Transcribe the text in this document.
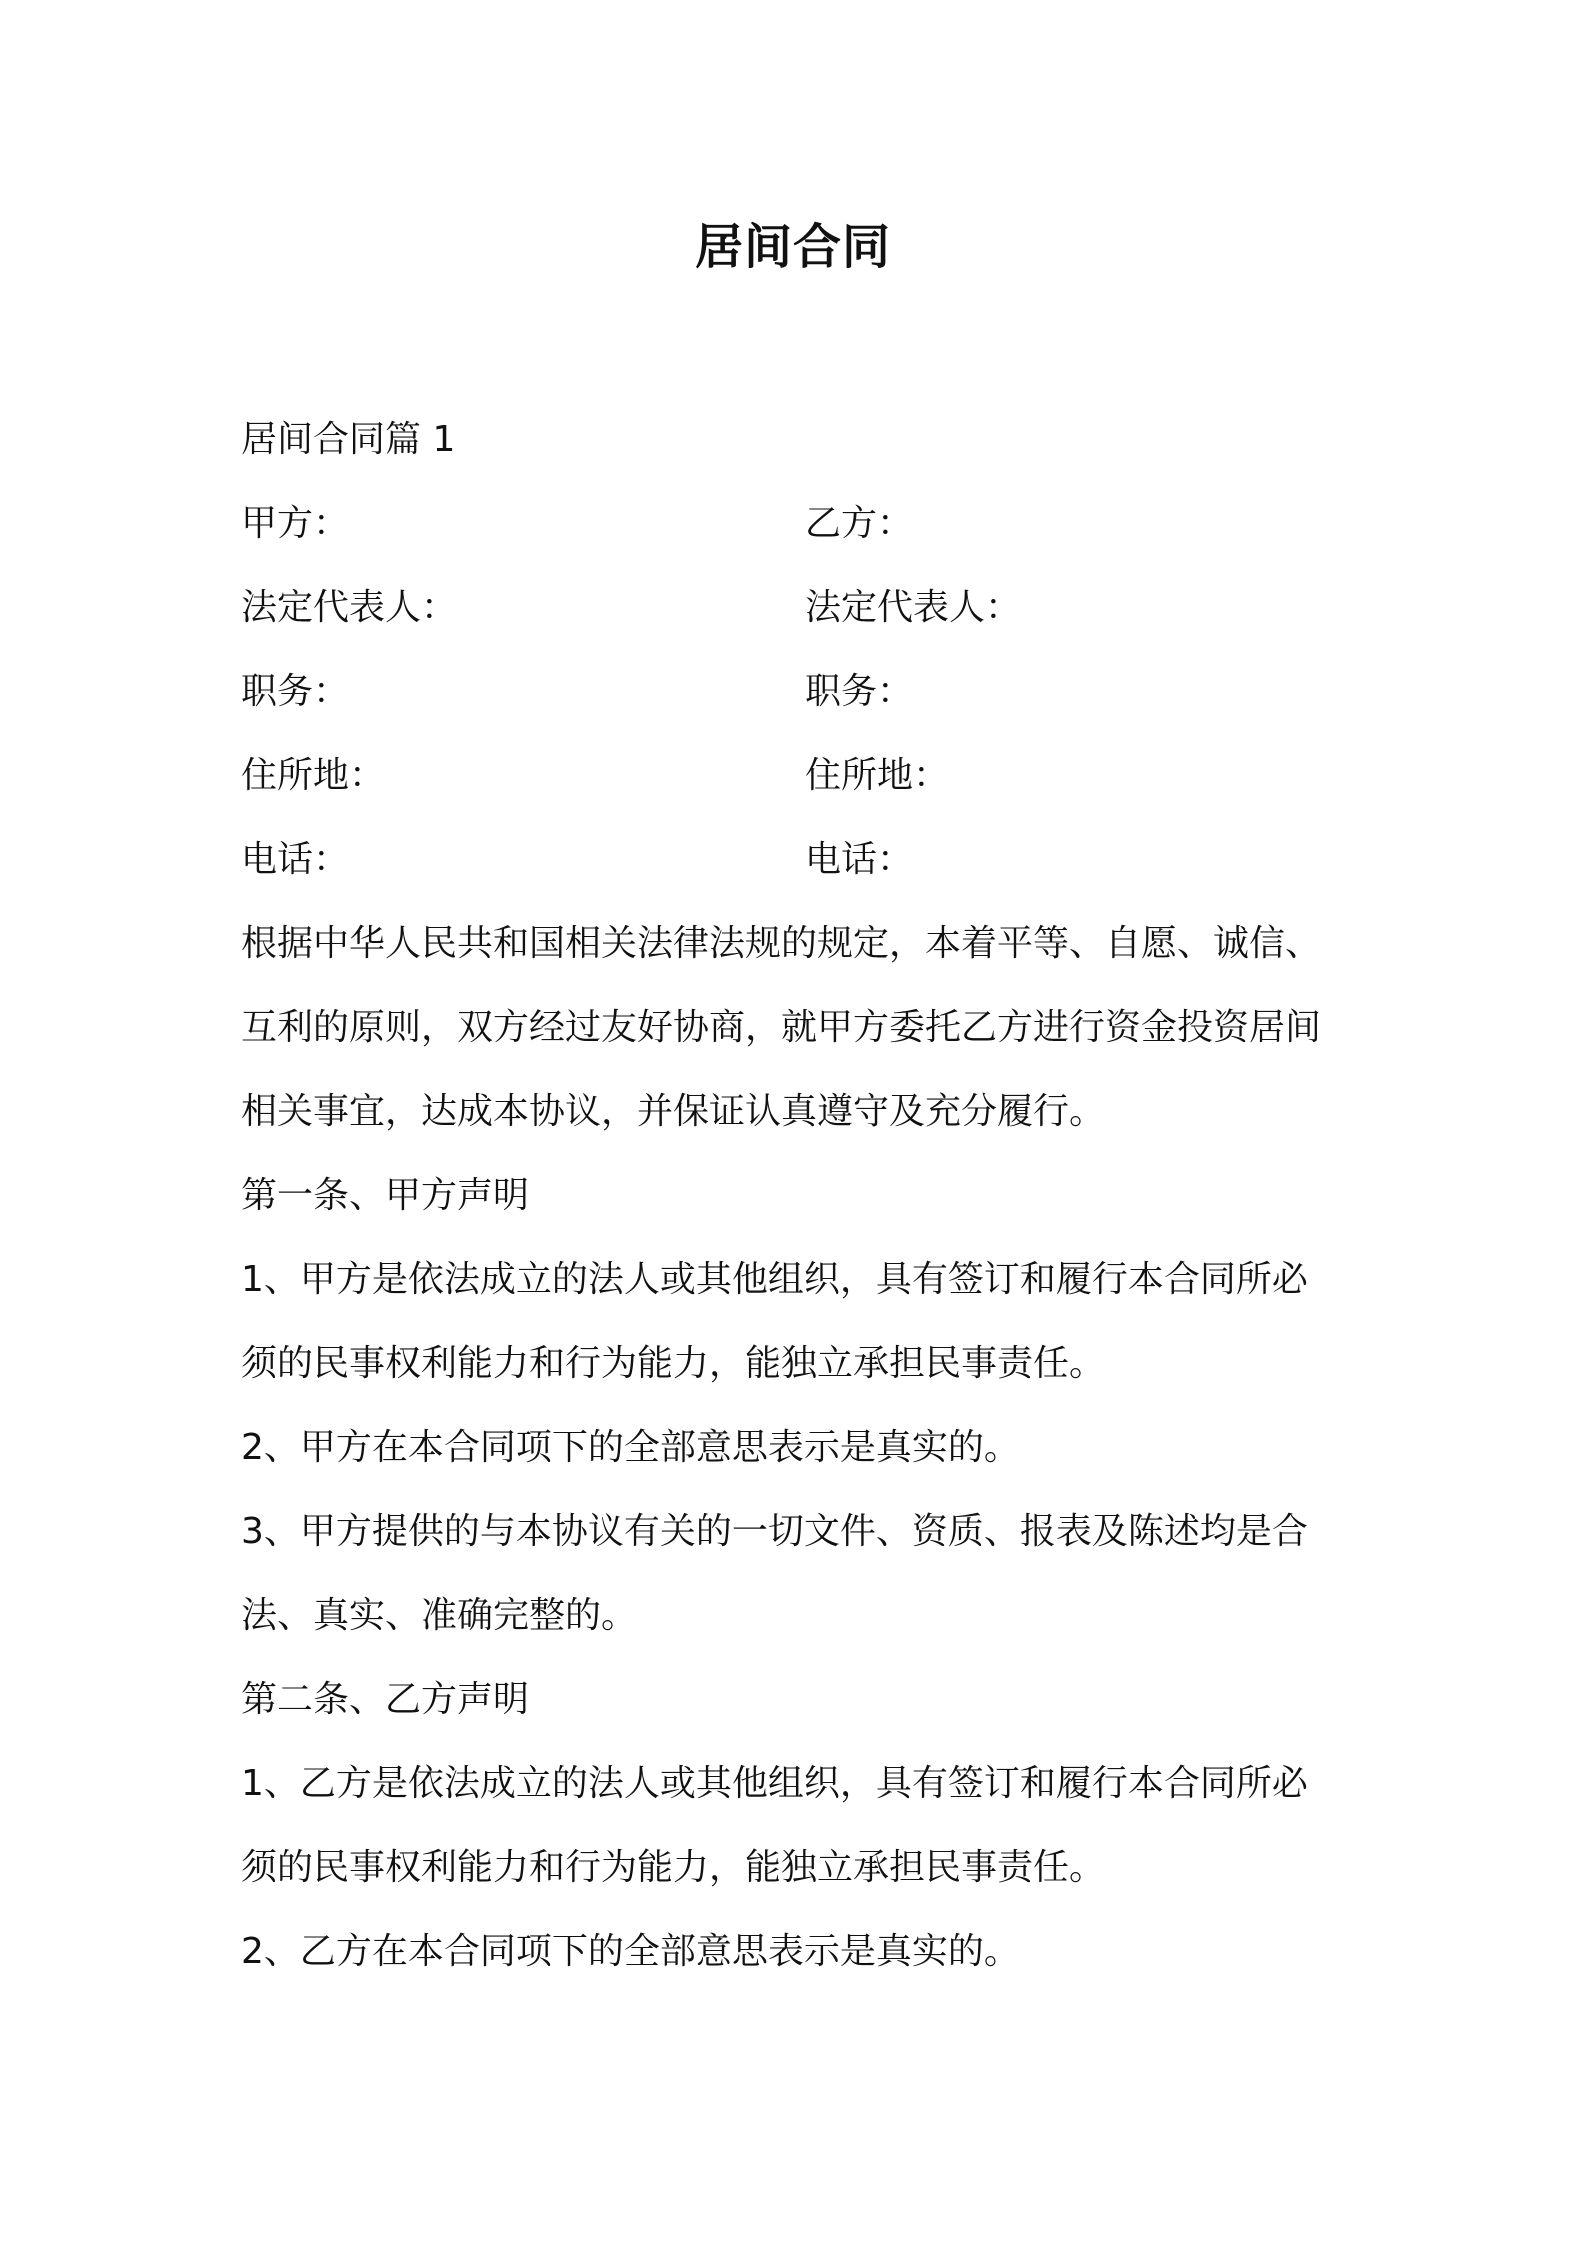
居间合同
居间合同篇 1
甲方：	乙方：
法定代表人：	法定代表人：
职务：	职务：
住所地：	住所地：
电话：	电话：
根据中华人民共和国相关法律法规的规定，本着平等、自愿、诚信、
互利的原则，双方经过友好协商，就甲方委托乙方进行资金投资居间
相关事宜，达成本协议，并保证认真遵守及充分履行。
第一条、甲方声明
1、甲方是依法成立的法人或其他组织，具有签订和履行本合同所必
须的民事权利能力和行为能力，能独立承担民事责任。
2、甲方在本合同项下的全部意思表示是真实的。
3、甲方提供的与本协议有关的一切文件、资质、报表及陈述均是合
法、真实、准确完整的。
第二条、乙方声明
1、乙方是依法成立的法人或其他组织，具有签订和履行本合同所必
须的民事权利能力和行为能力，能独立承担民事责任。
2、乙方在本合同项下的全部意思表示是真实的。
